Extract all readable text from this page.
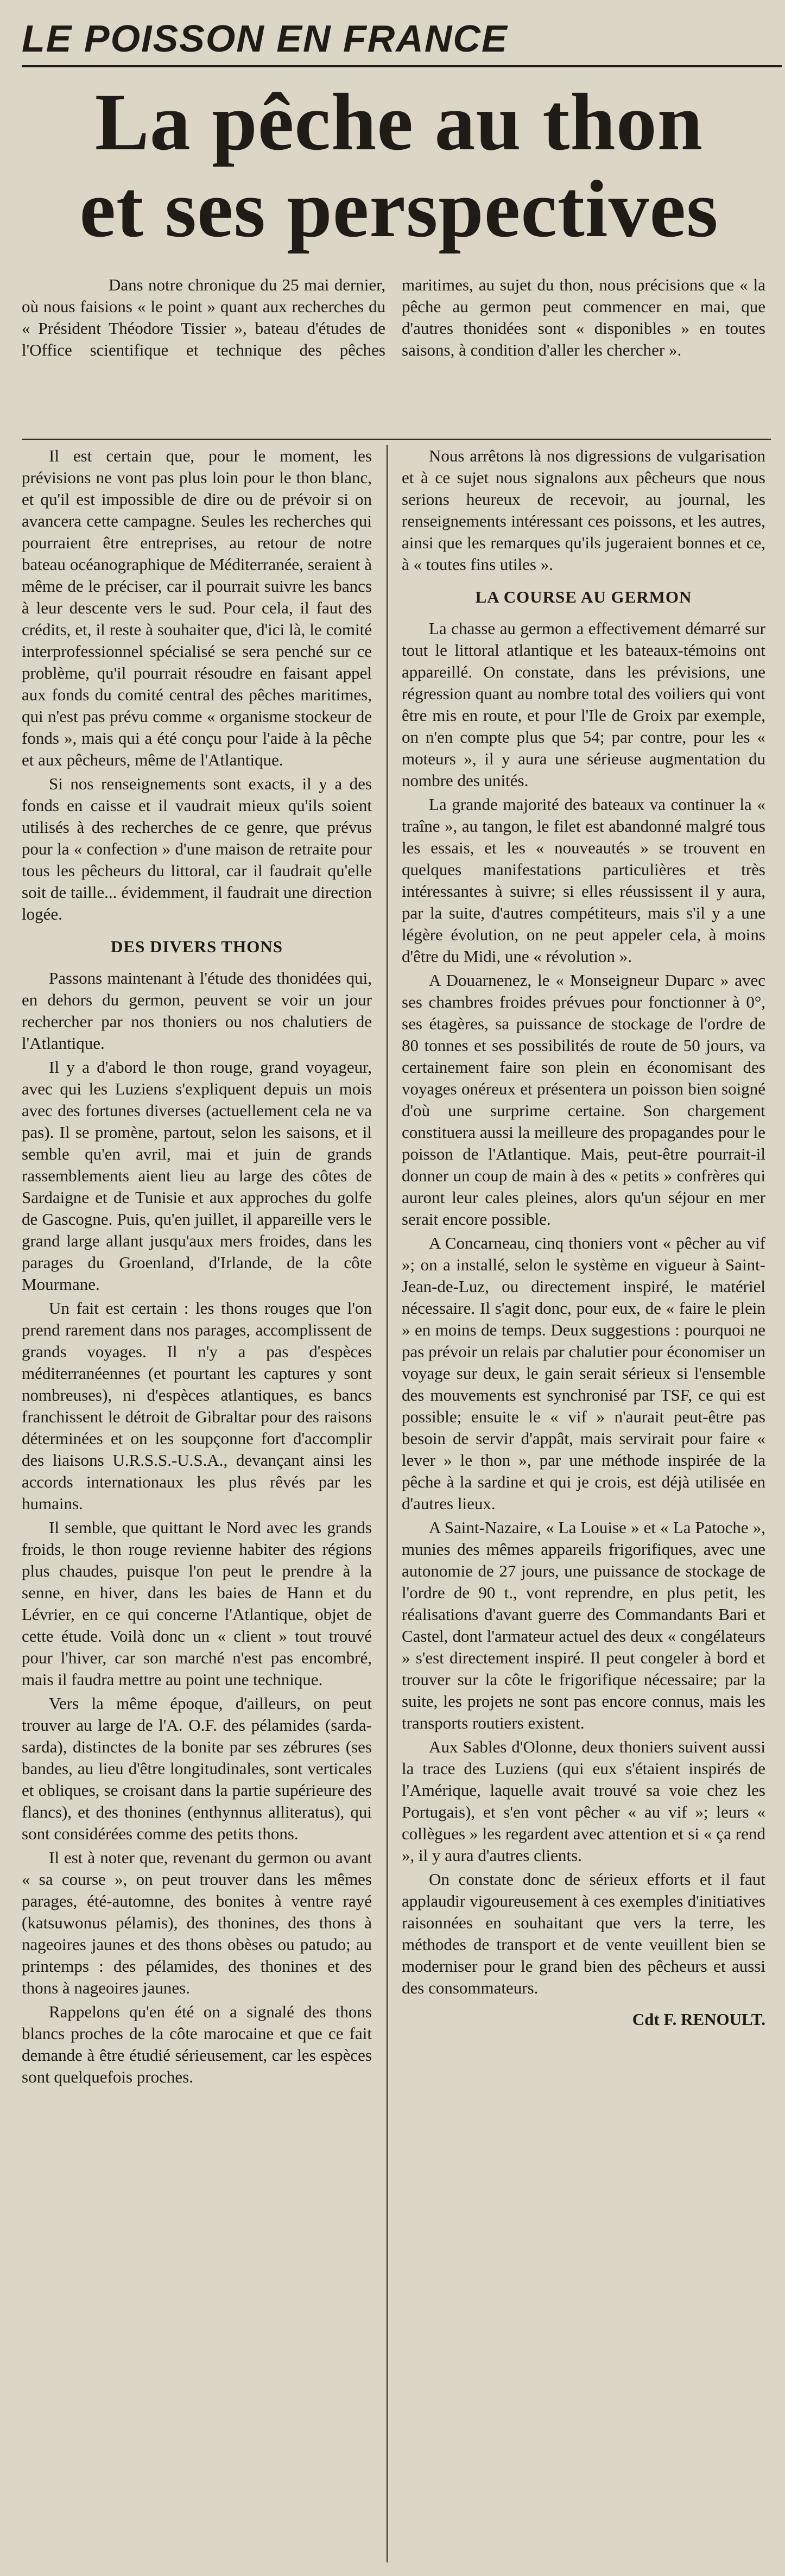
LE POISSON EN FRANCE
La pêche au thon
et ses perspectives

Dans notre chronique du 25 mai dernier, où nous faisions « le point » quant aux recherches du « Président Théodore Tissier », bateau d'études de l'Office scientifique et technique des pêches maritimes, au sujet du thon, nous précisions que « la pêche au germon peut commencer en mai, que d'autres thonidées sont « disponibles » en toutes saisons, à condition d'aller les chercher ».

Il est certain que, pour le moment, les prévisions ne vont pas plus loin pour le thon blanc, et qu'il est impossible de dire ou de prévoir si on avancera cette campagne. Seules les recherches qui pourraient être entreprises, au retour de notre bateau océanographique de Méditerranée, seraient à même de le préciser, car il pourrait suivre les bancs à leur descente vers le sud. Pour cela, il faut des crédits, et, il reste à souhaiter que, d'ici là, le comité interprofessionnel spécialisé se sera penché sur ce problème, qu'il pourrait résoudre en faisant appel aux fonds du comité central des pêches maritimes, qui n'est pas prévu comme « organisme stockeur de fonds », mais qui a été conçu pour l'aide à la pêche et aux pêcheurs, même de l'Atlantique.

Si nos renseignements sont exacts, il y a des fonds en caisse et il vaudrait mieux qu'ils soient utilisés à des recherches de ce genre, que prévus pour la « confection » d'une maison de retraite pour tous les pêcheurs du littoral, car il faudrait qu'elle soit de taille... évidemment, il faudrait une direction logée.

DES DIVERS THONS

Passons maintenant à l'étude des thonidées qui, en dehors du germon, peuvent se voir un jour rechercher par nos thoniers ou nos chalutiers de l'Atlantique.

Il y a d'abord le thon rouge, grand voyageur, avec qui les Luziens s'expliquent depuis un mois avec des fortunes diverses (actuellement cela ne va pas). Il se promène, partout, selon les saisons, et il semble qu'en avril, mai et juin de grands rassemblements aient lieu au large des côtes de Sardaigne et de Tunisie et aux approches du golfe de Gascogne. Puis, qu'en juillet, il appareille vers le grand large allant jusqu'aux mers froides, dans les parages du Groenland, d'Irlande, de la côte Mourmane.

Un fait est certain : les thons rouges que l'on prend rarement dans nos parages, accomplissent de grands voyages. Il n'y a pas d'espèces méditerranéennes (et pourtant les captures y sont nombreuses), ni d'espèces atlantiques, es bancs franchissent le détroit de Gibraltar pour des raisons déterminées et on les soupçonne fort d'accomplir des liaisons U.R.S.S.-U.S.A., devançant ainsi les accords internationaux les plus rêvés par les humains.

Il semble, que quittant le Nord avec les grands froids, le thon rouge revienne habiter des régions plus chaudes, puisque l'on peut le prendre à la senne, en hiver, dans les baies de Hann et du Lévrier, en ce qui concerne l'Atlantique, objet de cette étude. Voilà donc un « client » tout trouvé pour l'hiver, car son marché n'est pas encombré, mais il faudra mettre au point une technique.

Vers la même époque, d'ailleurs, on peut trouver au large de l'A. O.F. des pélamides (sarda-sarda), distinctes de la bonite par ses zébrures (ses bandes, au lieu d'être longitudinales, sont verticales et obliques, se croisant dans la partie supérieure des flancs), et des thonines (enthynnus alliteratus), qui sont considérées comme des petits thons.

Il est à noter que, revenant du germon ou avant « sa course », on peut trouver dans les mêmes parages, été-automne, des bonites à ventre rayé (katsuwonus pélamis), des thonines, des thons à nageoires jaunes et des thons obèses ou patudo; au printemps : des pélamides, des thonines et des thons à nageoires jaunes.

Rappelons qu'en été on a signalé des thons blancs proches de la côte marocaine et que ce fait demande à être étudié sérieusement, car les espèces sont quelquefois proches.

Nous arrêtons là nos digressions de vulgarisation et à ce sujet nous signalons aux pêcheurs que nous serions heureux de recevoir, au journal, les renseignements intéressant ces poissons, et les autres, ainsi que les remarques qu'ils jugeraient bonnes et ce, à « toutes fins utiles ».

LA COURSE AU GERMON

La chasse au germon a effectivement démarré sur tout le littoral atlantique et les bateaux-témoins ont appareillé. On constate, dans les prévisions, une régression quant au nombre total des voiliers qui vont être mis en route, et pour l'Ile de Groix par exemple, on n'en compte plus que 54; par contre, pour les « moteurs », il y aura une sérieuse augmentation du nombre des unités.

La grande majorité des bateaux va continuer la « traîne », au tangon, le filet est abandonné malgré tous les essais, et les « nouveautés » se trouvent en quelques manifestations particulières et très intéressantes à suivre; si elles réussissent il y aura, par la suite, d'autres compétiteurs, mais s'il y a une légère évolution, on ne peut appeler cela, à moins d'être du Midi, une « révolution ».

A Douarnenez, le « Monseigneur Duparc » avec ses chambres froides prévues pour fonctionner à 0°, ses étagères, sa puissance de stockage de l'ordre de 80 tonnes et ses possibilités de route de 50 jours, va certainement faire son plein en économisant des voyages onéreux et présentera un poisson bien soigné d'où une surprime certaine. Son chargement constituera aussi la meilleure des propagandes pour le poisson de l'Atlantique. Mais, peut-être pourrait-il donner un coup de main à des « petits » confrères qui auront leur cales pleines, alors qu'un séjour en mer serait encore possible.

A Concarneau, cinq thoniers vont « pêcher au vif »; on a installé, selon le système en vigueur à Saint-Jean-de-Luz, ou directement inspiré, le matériel nécessaire. Il s'agit donc, pour eux, de « faire le plein » en moins de temps. Deux suggestions : pourquoi ne pas prévoir un relais par chalutier pour économiser un voyage sur deux, le gain serait sérieux si l'ensemble des mouvements est synchronisé par TSF, ce qui est possible; ensuite le « vif » n'aurait peut-être pas besoin de servir d'appât, mais servirait pour faire « lever » le thon », par une méthode inspirée de la pêche à la sardine et qui je crois, est déjà utilisée en d'autres lieux.

A Saint-Nazaire, « La Louise » et « La Patoche », munies des mêmes appareils frigorifiques, avec une autonomie de 27 jours, une puissance de stockage de l'ordre de 90 t., vont reprendre, en plus petit, les réalisations d'avant guerre des Commandants Bari et Castel, dont l'armateur actuel des deux « congélateurs » s'est directement inspiré. Il peut congeler à bord et trouver sur la côte le frigorifique nécessaire; par la suite, les projets ne sont pas encore connus, mais les transports routiers existent.

Aux Sables d'Olonne, deux thoniers suivent aussi la trace des Luziens (qui eux s'étaient inspirés de l'Amérique, laquelle avait trouvé sa voie chez les Portugais), et s'en vont pêcher « au vif »; leurs « collègues » les regardent avec attention et si « ça rend », il y aura d'autres clients.

On constate donc de sérieux efforts et il faut applaudir vigoureusement à ces exemples d'initiatives raisonnées en souhaitant que vers la terre, les méthodes de transport et de vente veuillent bien se moderniser pour le grand bien des pêcheurs et aussi des consommateurs.

Cdt F. RENOULT.
